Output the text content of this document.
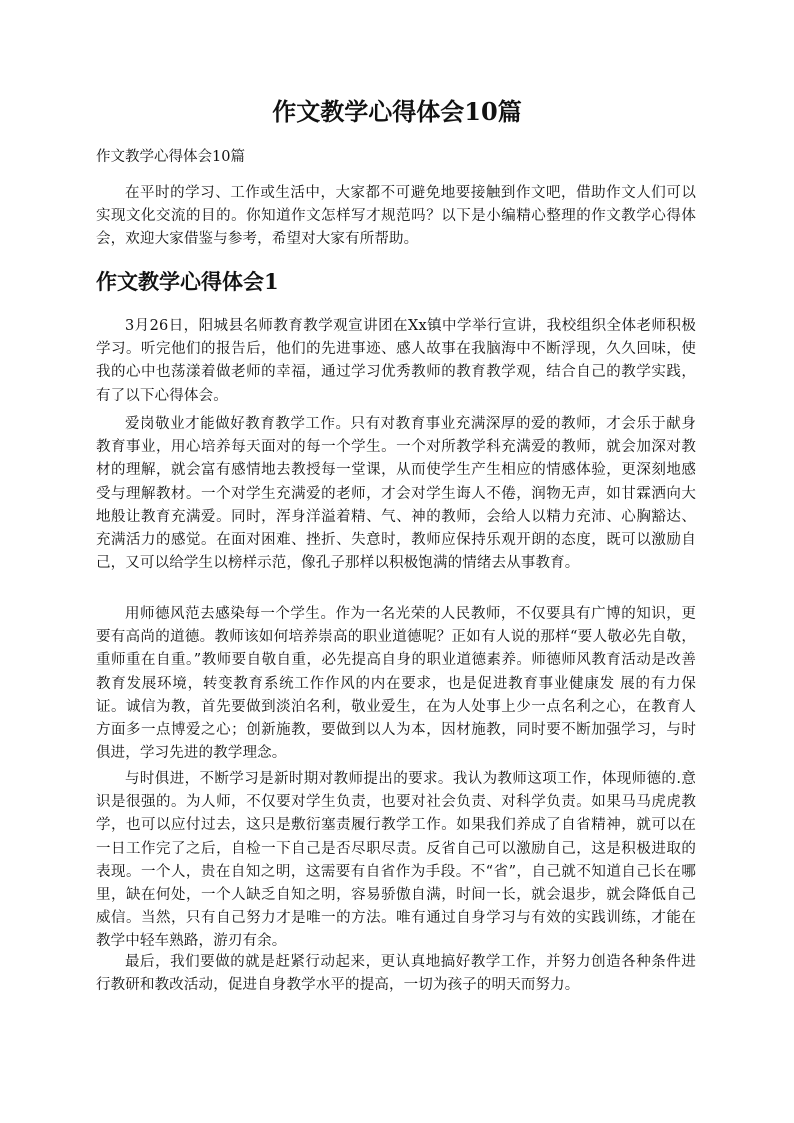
作文教学心得体会10篇

作文教学心得体会10篇

在平时的学习、工作或生活中，大家都不可避免地要接触到作文吧，借助作文人们可以实现文化交流的目的。你知道作文怎样写才规范吗？以下是小编精心整理的作文教学心得体会，欢迎大家借鉴与参考，希望对大家有所帮助。

作文教学心得体会1

3月26日，阳城县名师教育教学观宣讲团在Xx镇中学举行宣讲，我校组织全体老师积极学习。听完他们的报告后，他们的先进事迹、感人故事在我脑海中不断浮现，久久回味，使我的心中也荡漾着做老师的幸福，通过学习优秀教师的教育教学观，结合自己的教学实践，有了以下心得体会。

爱岗敬业才能做好教育教学工作。只有对教育事业充满深厚的爱的教师，才会乐于献身教育事业，用心培养每天面对的每一个学生。一个对所教学科充满爱的教师，就会加深对教材的理解，就会富有感情地去教授每一堂课，从而使学生产生相应的情感体验，更深刻地感受与理解教材。一个对学生充满爱的老师，才会对学生诲人不倦，润物无声，如甘霖洒向大地般让教育充满爱。同时，浑身洋溢着精、气、神的教师，会给人以精力充沛、心胸豁达、充满活力的感觉。在面对困难、挫折、失意时，教师应保持乐观开朗的态度，既可以激励自己，又可以给学生以榜样示范，像孔子那样以积极饱满的情绪去从事教育。

用师德风范去感染每一个学生。作为一名光荣的人民教师，不仅要具有广博的知识，更要有高尚的道德。教师该如何培养崇高的职业道德呢？正如有人说的那样“要人敬必先自敬，重师重在自重。”教师要自敬自重，必先提高自身的职业道德素养。师德师风教育活动是改善教育发展环境，转变教育系统工作作风的内在要求，也是促进教育事业健康发 展的有力保证。诚信为教，首先要做到淡泊名利，敬业爱生，在为人处事上少一点名利之心，在教育人方面多一点博爱之心；创新施教，要做到以人为本，因材施教，同时要不断加强学习，与时俱进，学习先进的教学理念。

与时俱进，不断学习是新时期对教师提出的要求。我认为教师这项工作，体现师德的.意识是很强的。为人师，不仅要对学生负责，也要对社会负责、对科学负责。如果马马虎虎教学，也可以应付过去，这只是敷衍塞责履行教学工作。如果我们养成了自省精神，就可以在一日工作完了之后，自检一下自己是否尽职尽责。反省自己可以激励自己，这是积极进取的表现。一个人，贵在自知之明，这需要有自省作为手段。不“省”，自己就不知道自己长在哪里，缺在何处，一个人缺乏自知之明，容易骄傲自满，时间一长，就会退步，就会降低自己威信。当然，只有自己努力才是唯一的方法。唯有通过自身学习与有效的实践训练，才能在教学中轻车熟路，游刃有余。

最后，我们要做的就是赶紧行动起来，更认真地搞好教学工作，并努力创造各种条件进行教研和教改活动，促进自身教学水平的提高，一切为孩子的明天而努力。
